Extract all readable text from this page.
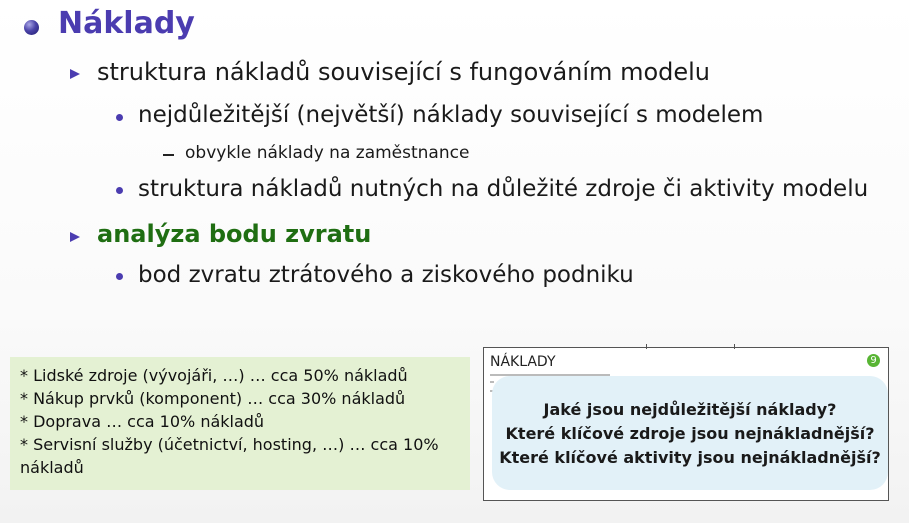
Náklady
struktura nákladů související s fungováním modelu
nejdůležitější (největší) náklady související s modelem
obvykle náklady na zaměstnance
struktura nákladů nutných na důležité zdroje či aktivity modelu
analýza bodu zvratu
bod zvratu ztrátového a ziskového podniku
* Lidské zdroje (vývojáři, …) … cca 50% nákladů
* Nákup prvků (komponent) … cca 30% nákladů
* Doprava … cca 10% nákladů
* Servisní služby (účetnictví, hosting, …) … cca 10%
nákladů
NÁKLADY	9
Jaké jsou nejdůležitější náklady?
Které klíčové zdroje jsou nejnákladnější?
Které klíčové aktivity jsou nejnákladnější?
